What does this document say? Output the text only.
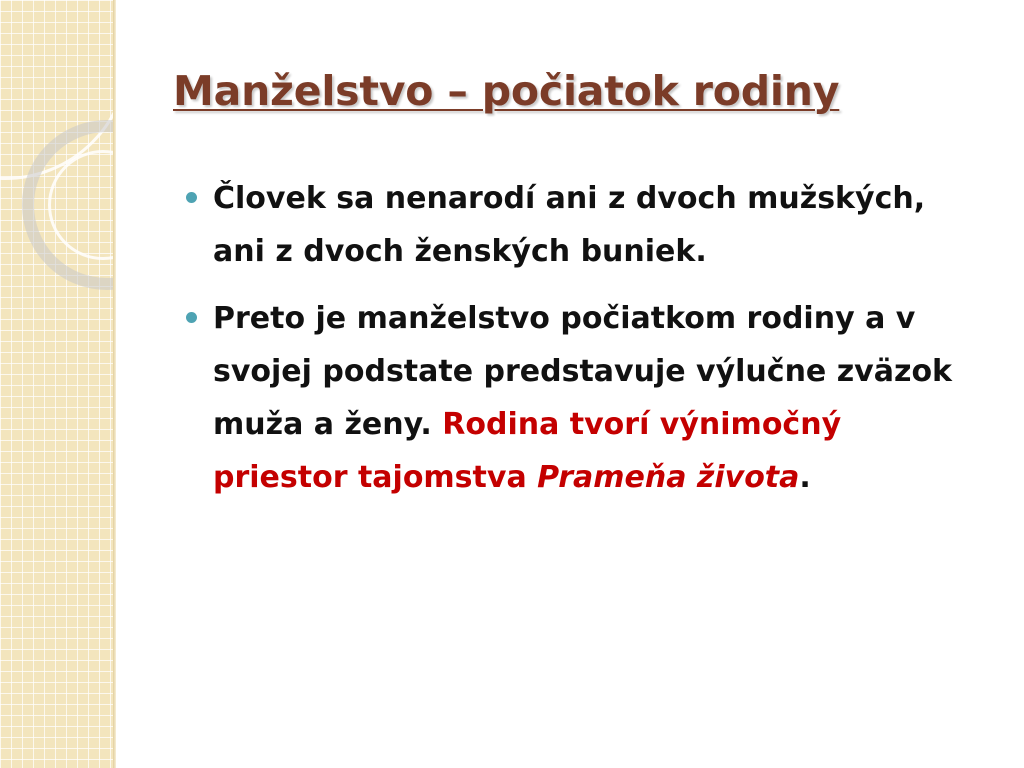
Manželstvo – počiatok rodiny
Človek sa nenarodí ani z dvoch mužských, ani z dvoch ženských buniek.
Preto je manželstvo počiatkom rodiny a v svojej podstate predstavuje výlučne zväzok muža a ženy. Rodina tvorí výnimočný priestor tajomstva Prameňa života.
